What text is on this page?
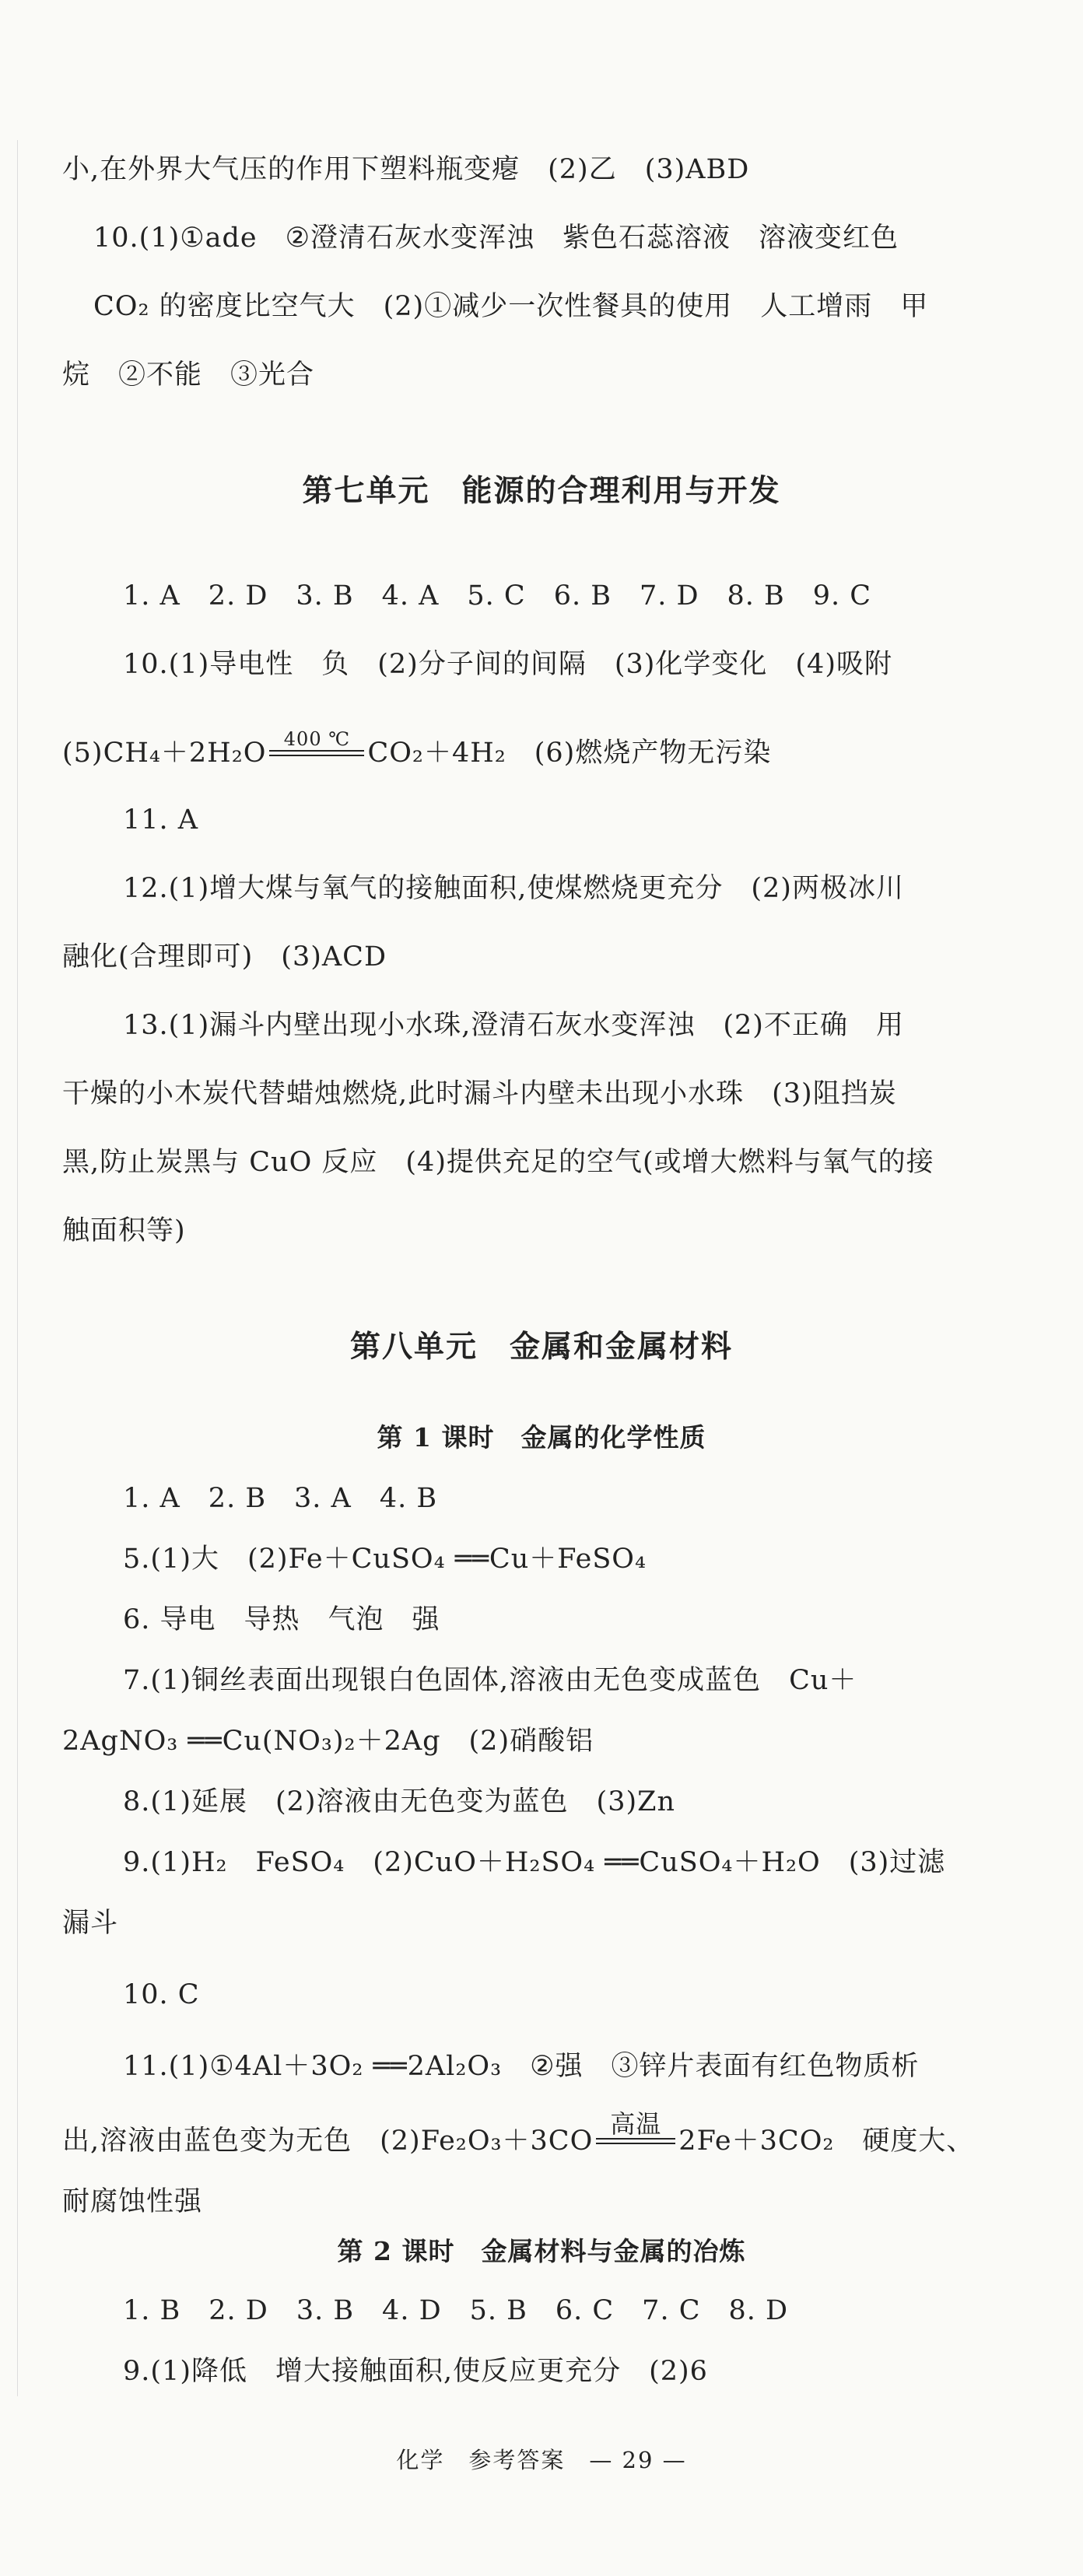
小,在外界大气压的作用下塑料瓶变瘪　(2)乙　(3)ABD
10.(1)①ade　②澄清石灰水变浑浊　紫色石蕊溶液　溶液变红色
CO₂ 的密度比空气大　(2)①减少一次性餐具的使用　人工增雨　甲
烷　②不能　③光合
第七单元　能源的合理利用与开发
1. A　2. D　3. B　4. A　5. C　6. B　7. D　8. B　9. C
10.(1)导电性　负　(2)分子间的间隔　(3)化学变化　(4)吸附
(5)CH₄＋2H₂O 400 ℃ CO₂＋4H₂　(6)燃烧产物无污染
11. A
12.(1)增大煤与氧气的接触面积,使煤燃烧更充分　(2)两极冰川
融化(合理即可)　(3)ACD
13.(1)漏斗内壁出现小水珠,澄清石灰水变浑浊　(2)不正确　用
干燥的小木炭代替蜡烛燃烧,此时漏斗内壁未出现小水珠　(3)阻挡炭
黑,防止炭黑与 CuO 反应　(4)提供充足的空气(或增大燃料与氧气的接
触面积等)
第八单元　金属和金属材料
第 1 课时　金属的化学性质
1. A　2. B　3. A　4. B
5.(1)大　(2)Fe＋CuSO₄ ══Cu＋FeSO₄
6. 导电　导热　气泡　强
7.(1)铜丝表面出现银白色固体,溶液由无色变成蓝色　Cu＋
2AgNO₃ ══Cu(NO₃)₂＋2Ag　(2)硝酸铝
8.(1)延展　(2)溶液由无色变为蓝色　(3)Zn
9.(1)H₂　FeSO₄　(2)CuO＋H₂SO₄ ══CuSO₄＋H₂O　(3)过滤
漏斗
10. C
11.(1)①4Al＋3O₂ ══2Al₂O₃　②强　③锌片表面有红色物质析
出,溶液由蓝色变为无色　(2)Fe₂O₃＋3CO
高温
2Fe＋3CO₂　硬度大、
耐腐蚀性强
第 2 课时　金属材料与金属的冶炼
1. B　2. D　3. B　4. D　5. B　6. C　7. C　8. D
9.(1)降低　增大接触面积,使反应更充分　(2)6
化学　参考答案　— 29 —
